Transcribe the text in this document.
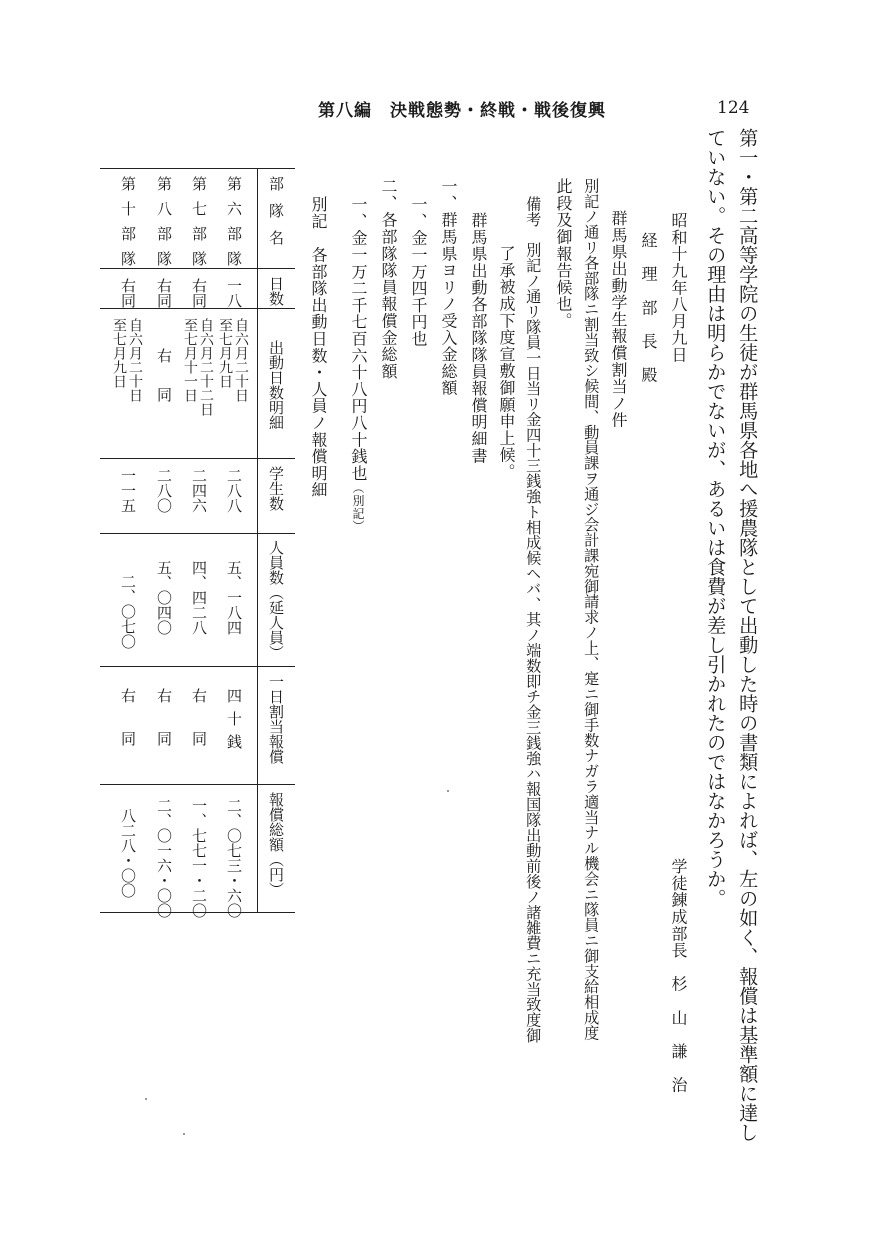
第八編　決戦態勢・終戦・戦後復興	124
第一・第二高等学院の生徒が群馬県各地へ援農隊として出動した時の書類によれば、左の如く、報償は基準額に達し
ていない。その理由は明らかでないが、あるいは食費が差し引かれたのではなかろうか。
学徒錬成部長　杉　山　謙　治
昭和十九年八月九日
経　理　部　長　殿
群馬県出動学生報償割当ノ件
別記ノ通リ各部隊ニ割当致シ候間、動員課ヲ通ジ会計課宛御請求ノ上、寔ニ御手数ナガラ適当ナル機会ニ隊員ニ御支給相成度
此段及御報告候也。
備考　別記ノ通リ隊員一日当リ金四十三銭強ト相成候ヘバ、其ノ端数即チ金三銭強ハ報国隊出動前後ノ諸雑費ニ充当致度御
了承被成下度宣敷御願申上候。
群馬県出動各部隊隊員報償明細書
一、群馬県ヨリノ受入金総額
一、金一万四千円也
二、各部隊隊員報償金総額
一、金一万二千七百六十八円八十銭也（別記）
別記　各部隊出動日数・人員ノ報償明細
部隊名
日数
出動日数明細
学生数
人員数（延人員）
一日割当報償
報償総額（円）
第六部隊
一八
自六月二十日
至七月九日
二八八
五、一八四
四十銭
二、〇七三・六〇
第七部隊
右同
自六月二十二日
至七月十一日
二四六
四、四二八
右同
一、七七一・二〇
第八部隊
右同
右同
二八〇
五、〇四〇
右同
二、〇一六・〇〇
第十部隊
右同
自六月二十日
至七月九日
一一五
二、〇七〇
右同
八二八・〇〇
